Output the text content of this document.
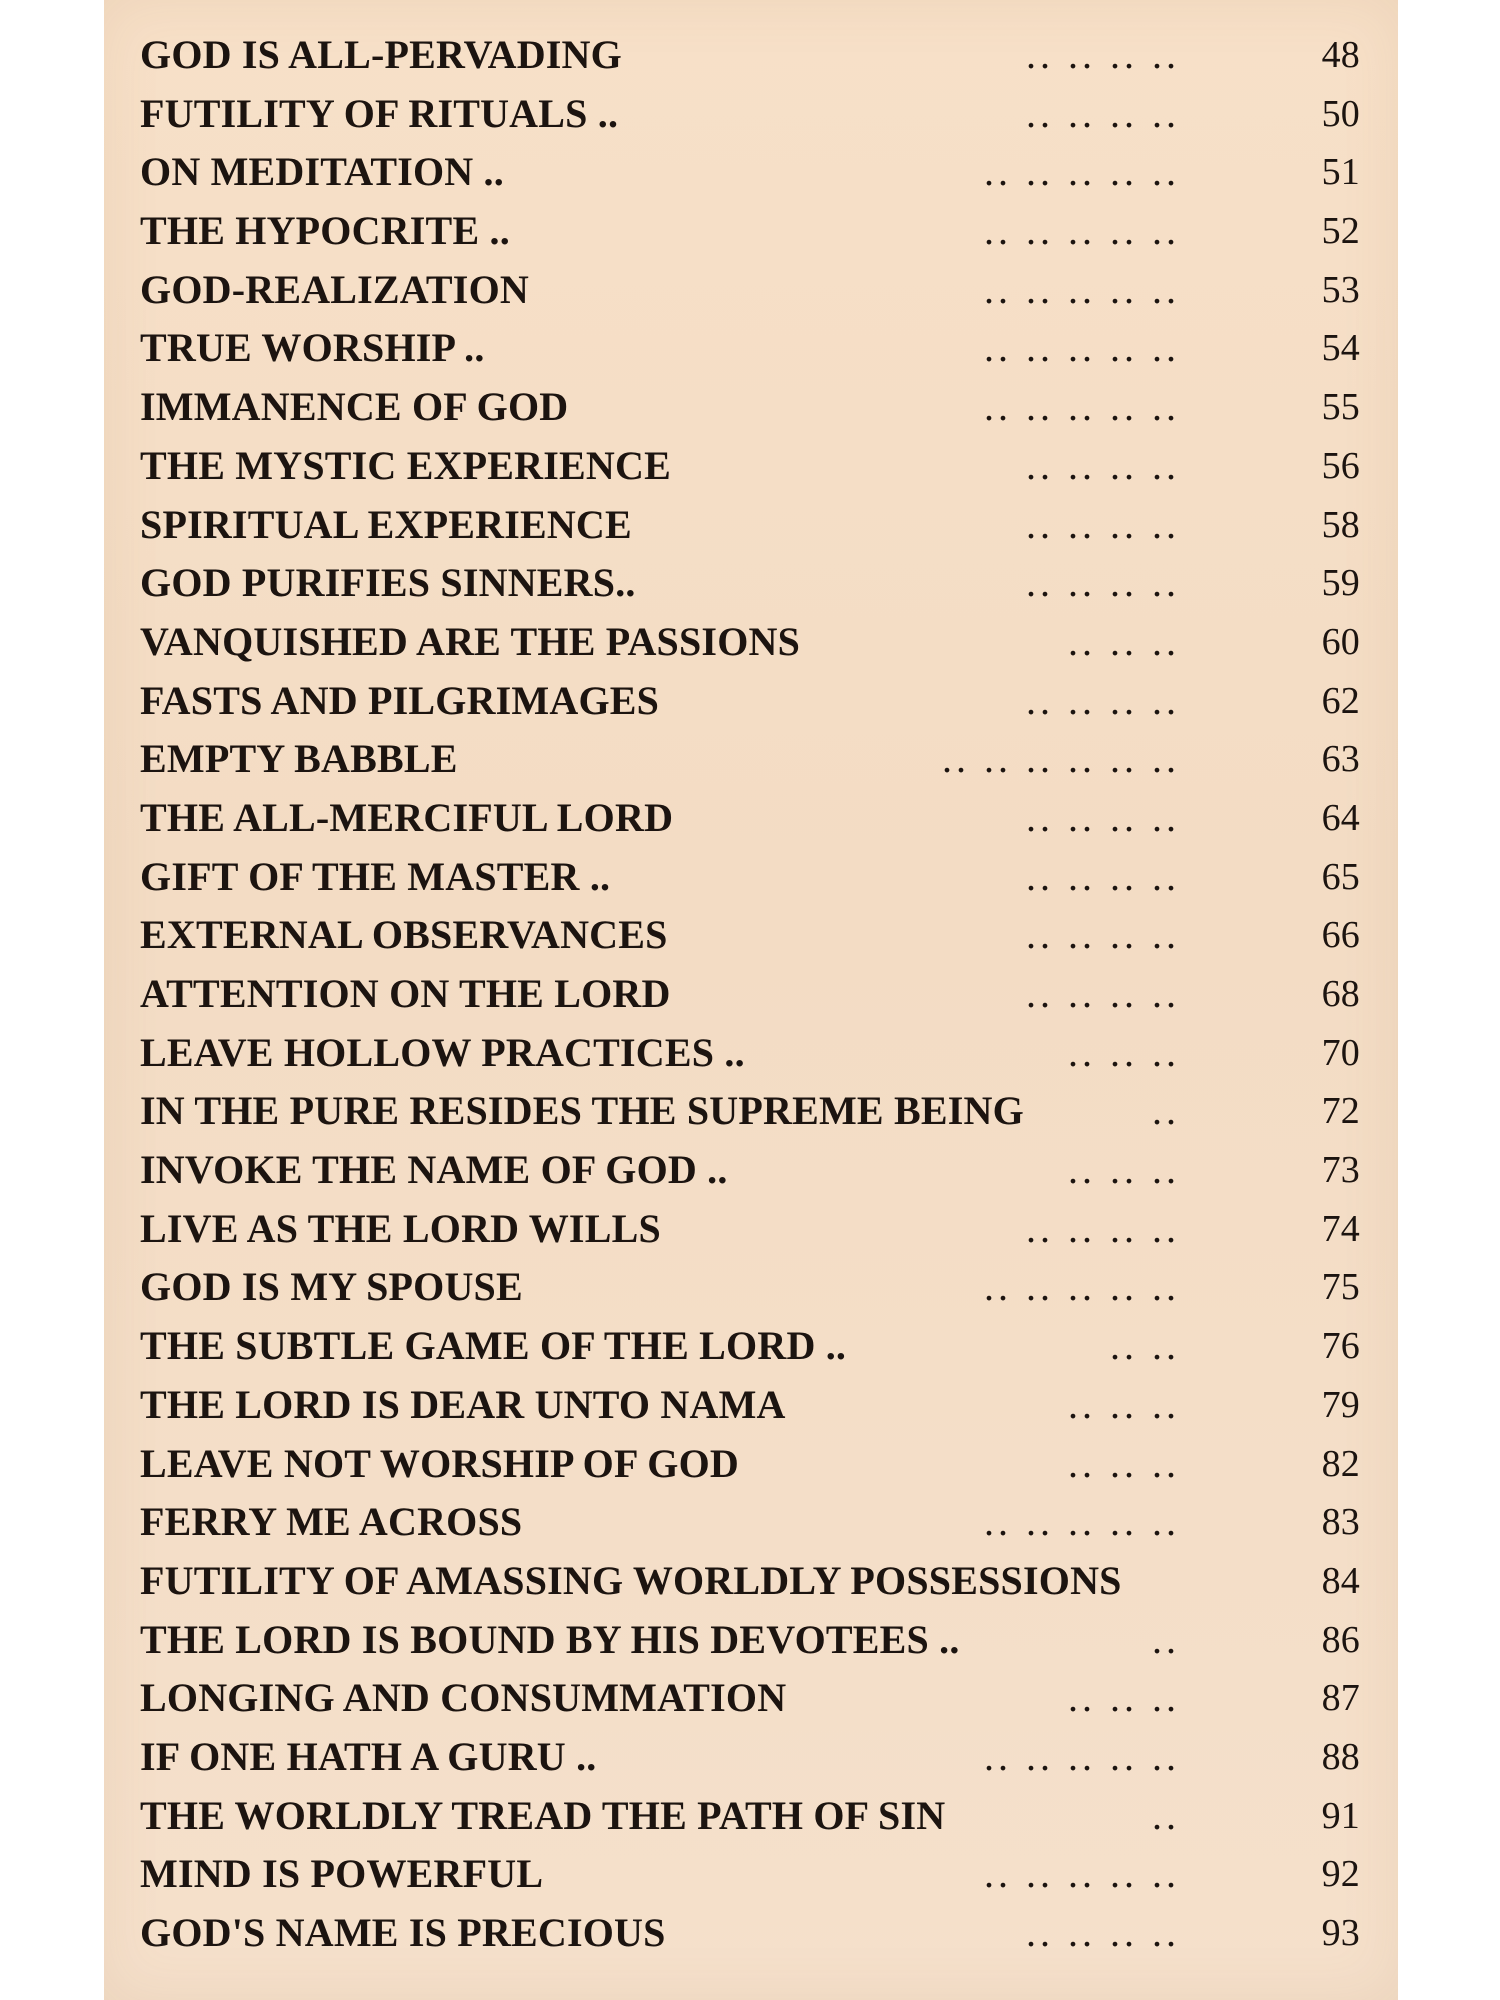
.. .. .. ..
GOD IS ALL-PERVADING	48
.. .. .. ..
FUTILITY OF RITUALS ..	50
.. .. .. .. ..
ON MEDITATION ..	51
.. .. .. .. ..
THE HYPOCRITE ..	52
.. .. .. .. ..
GOD-REALIZATION	53
.. .. .. .. ..
TRUE WORSHIP ..	54
.. .. .. .. ..
IMMANENCE OF GOD	55
.. .. .. ..
THE MYSTIC EXPERIENCE	56
.. .. .. ..
SPIRITUAL EXPERIENCE	58
.. .. .. ..
GOD PURIFIES SINNERS..	59
.. .. ..
VANQUISHED ARE THE PASSIONS	60
.. .. .. ..
FASTS AND PILGRIMAGES	62
.. .. .. .. .. ..
EMPTY BABBLE	63
.. .. .. ..
THE ALL-MERCIFUL LORD	64
.. .. .. ..
GIFT OF THE MASTER ..	65
.. .. .. ..
EXTERNAL OBSERVANCES	66
.. .. .. ..
ATTENTION ON THE LORD	68
.. .. ..
LEAVE HOLLOW PRACTICES ..	70
..
IN THE PURE RESIDES THE SUPREME BEING	72
.. .. ..
INVOKE THE NAME OF GOD ..	73
.. .. .. ..
LIVE AS THE LORD WILLS	74
.. .. .. .. ..
GOD IS MY SPOUSE	75
.. ..
THE SUBTLE GAME OF THE LORD ..	76
.. .. ..
THE LORD IS DEAR UNTO NAMA	79
.. .. ..
LEAVE NOT WORSHIP OF GOD	82
.. .. .. .. ..
FERRY ME ACROSS	83
FUTILITY OF AMASSING WORLDLY POSSESSIONS	84
..
THE LORD IS BOUND BY HIS DEVOTEES ..	86
.. .. ..
LONGING AND CONSUMMATION	87
.. .. .. .. ..
IF ONE HATH A GURU ..	88
..
THE WORLDLY TREAD THE PATH OF SIN	91
.. .. .. .. ..
MIND IS POWERFUL	92
.. .. .. ..
GOD'S NAME IS PRECIOUS	93
